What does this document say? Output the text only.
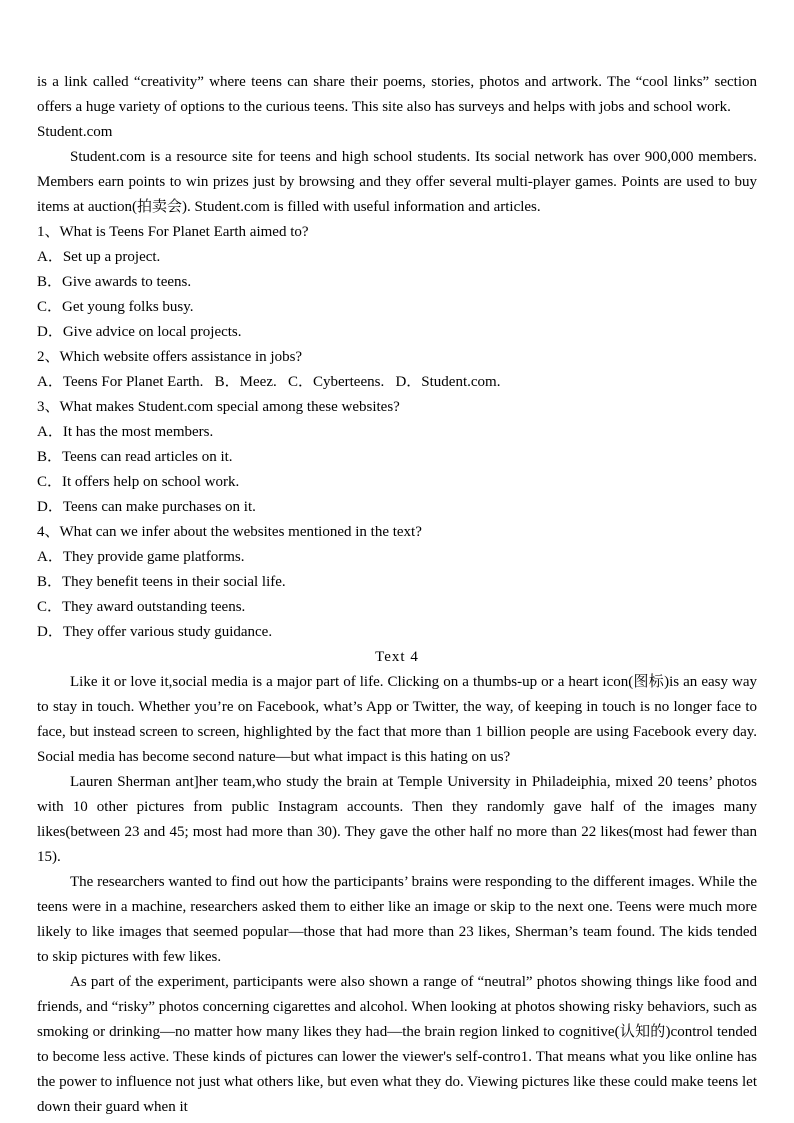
is a link called “creativity” where teens can share their poems, stories, photos and artwork. The “cool links” section offers a huge variety of options to the curious teens. This site also has surveys and helps with jobs and school work.
Student.com
Student.com is a resource site for teens and high school students. Its social network has over 900,000 members. Members earn points to win prizes just by browsing and they offer several multi-player games. Points are used to buy items at auction(拍卖会). Student.com is filled with useful information and articles.
1、What is Teens For Planet Earth aimed to?
A．Set up a project.
B．Give awards to teens.
C．Get young folks busy.
D．Give advice on local projects.
2、Which website offers assistance in jobs?
A．Teens For Planet Earth.   B．Meez.   C．Cyberteens.   D．Student.com.
3、What makes Student.com special among these websites?
A．It has the most members.
B．Teens can read articles on it.
C．It offers help on school work.
D．Teens can make purchases on it.
4、What can we infer about the websites mentioned in the text?
A．They provide game platforms.
B．They benefit teens in their social life.
C．They award outstanding teens.
D．They offer various study guidance.
Text 4
Like it or love it,social media is a major part of life. Clicking on a thumbs-up or a heart icon(图标)is an easy way to stay in touch. Whether you’re on Facebook, what’s App or Twitter, the way, of keeping in touch is no longer face to face, but instead screen to screen, highlighted by the fact that more than 1 billion people are using Facebook every day. Social media has become second nature—but what impact is this hating on us?
Lauren Sherman ant]her team,who study the brain at Temple University in Philadeiphia, mixed 20 teens’ photos with 10 other pictures from public Instagram accounts. Then they randomly gave half of the images many likes(between 23 and 45; most had more than 30). They gave the other half no more than 22 likes(most had fewer than 15).
The researchers wanted to find out how the participants’ brains were responding to the different images. While the teens were in a machine, researchers asked them to either like an image or skip to the next one. Teens were much more likely to like images that seemed popular—those that had more than 23 likes, Sherman’s team found. The kids tended to skip pictures with few likes.
As part of the experiment, participants were also shown a range of “neutral” photos showing things like food and friends, and “risky” photos concerning cigarettes and alcohol. When looking at photos showing risky behaviors, such as smoking or drinking—no matter how many likes they had—the brain region linked to cognitive(认知的)control tended to become less active. These kinds of pictures can lower the viewer's self-contro1. That means what you like online has the power to influence not just what others like, but even what they do. Viewing pictures like these could make teens let down their guard when it
